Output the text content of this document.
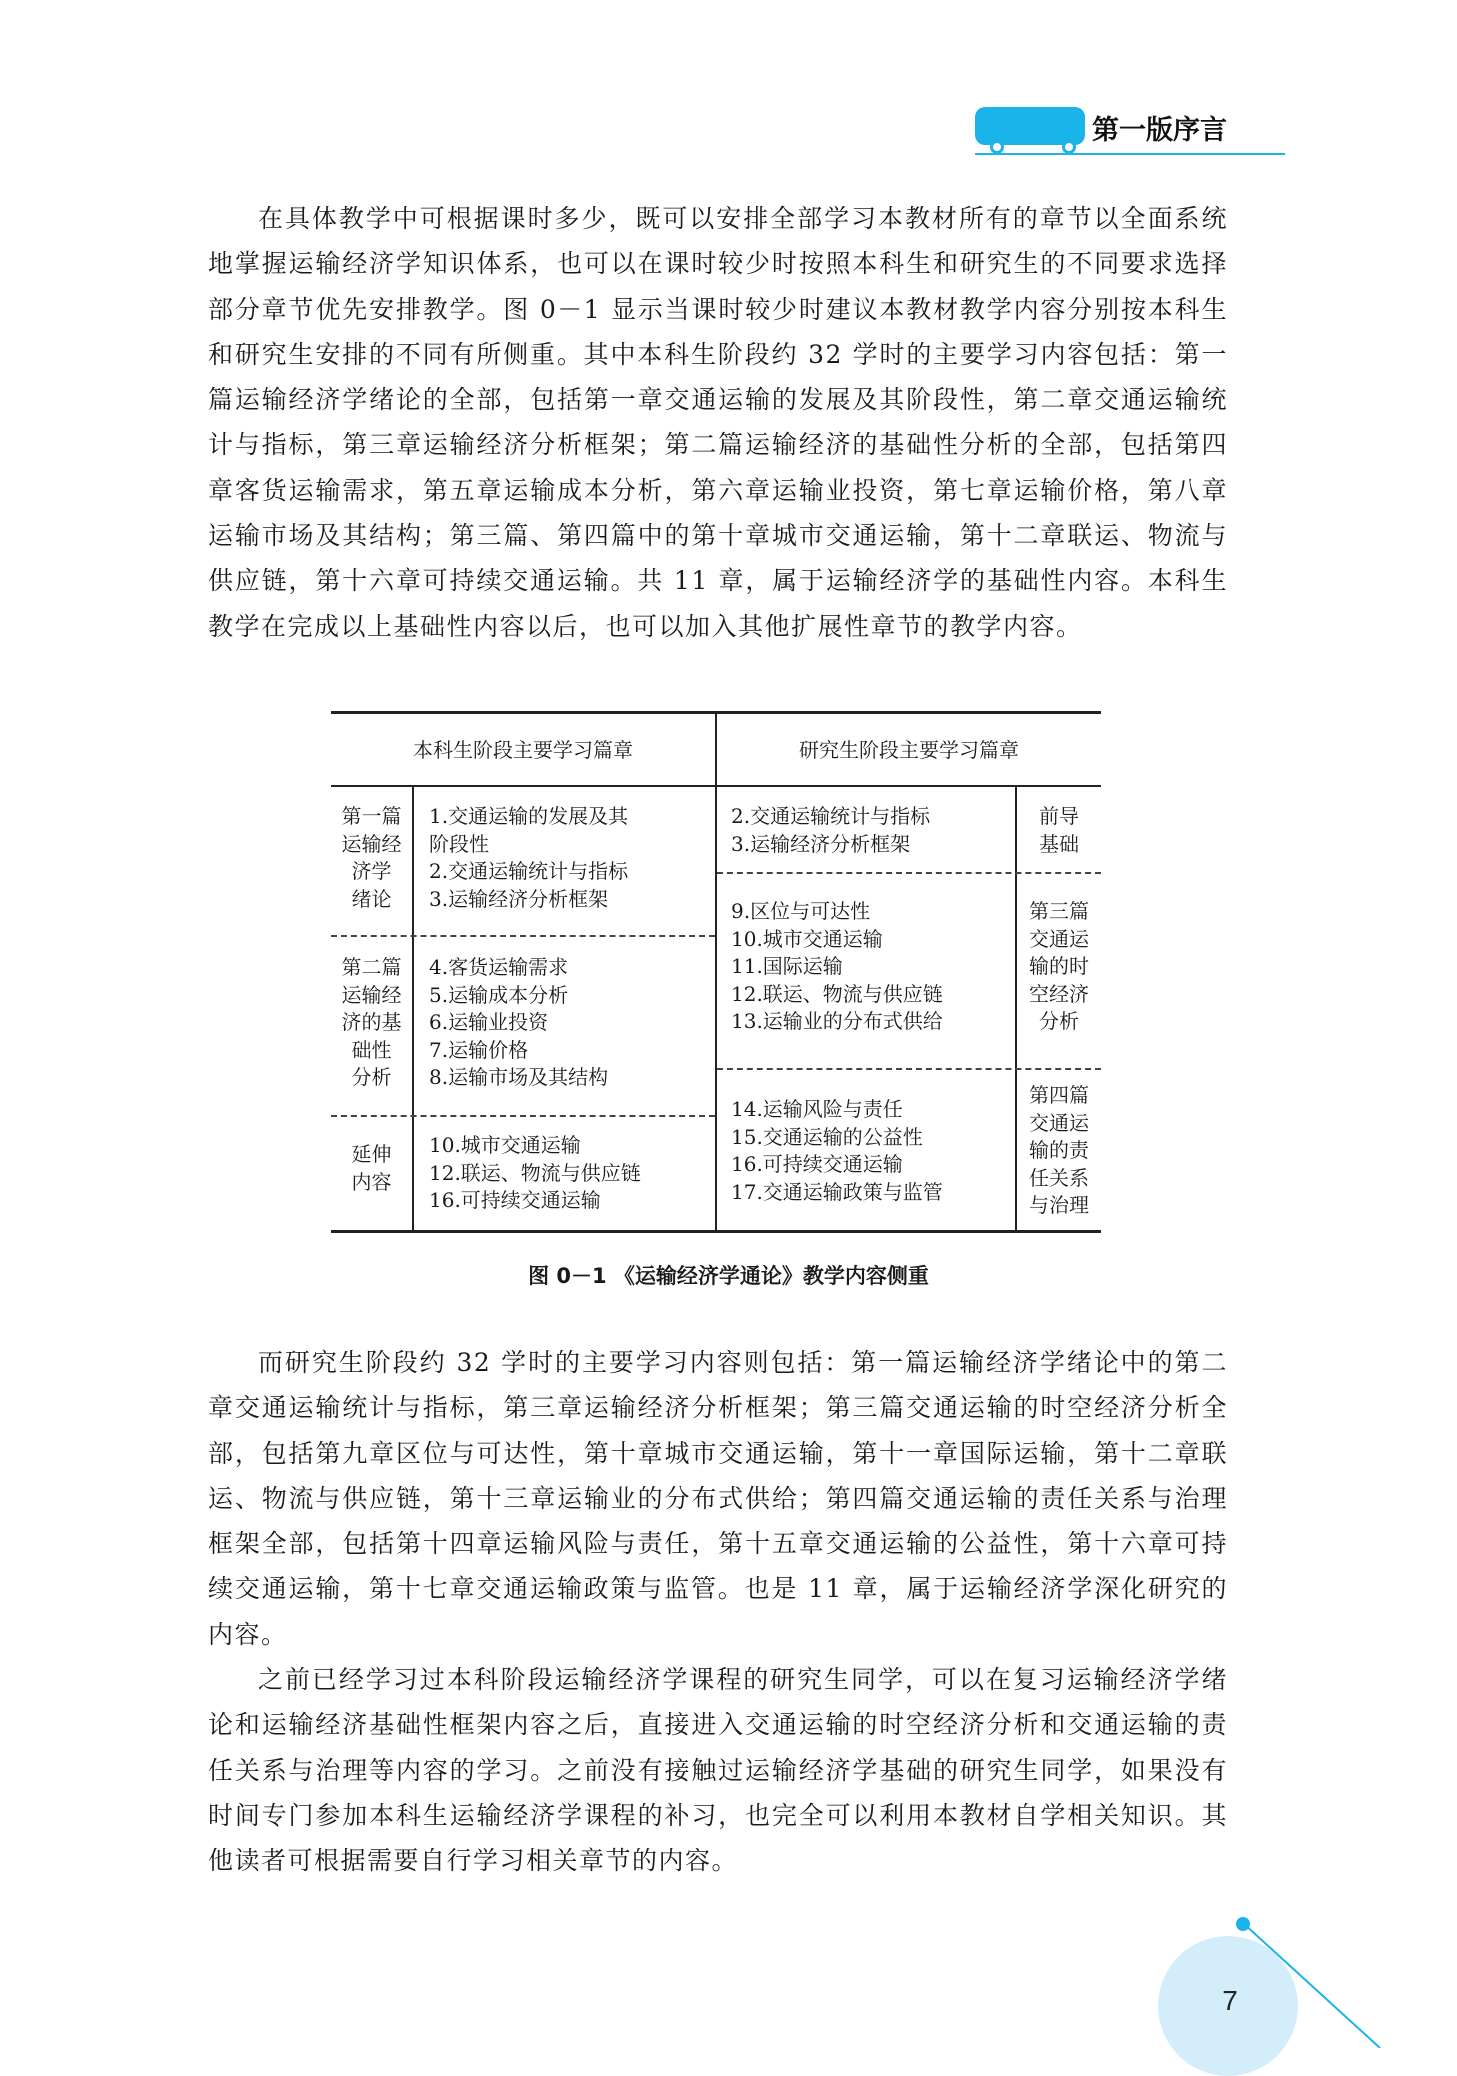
第一版序言

在具体教学中可根据课时多少，既可以安排全部学习本教材所有的章节以全面系统地掌握运输经济学知识体系，也可以在课时较少时按照本科生和研究生的不同要求选择部分章节优先安排教学。图 0－1 显示当课时较少时建议本教材教学内容分别按本科生和研究生安排的不同有所侧重。其中本科生阶段约 32 学时的主要学习内容包括：第一篇运输经济学绪论的全部，包括第一章交通运输的发展及其阶段性，第二章交通运输统计与指标，第三章运输经济分析框架；第二篇运输经济的基础性分析的全部，包括第四章客货运输需求，第五章运输成本分析，第六章运输业投资，第七章运输价格，第八章运输市场及其结构；第三篇、第四篇中的第十章城市交通运输，第十二章联运、物流与供应链，第十六章可持续交通运输。共 11 章，属于运输经济学的基础性内容。本科生教学在完成以上基础性内容以后，也可以加入其他扩展性章节的教学内容。

本科生阶段主要学习篇章	研究生阶段主要学习篇章
第一篇
运输经
济学
绪论
第二篇
运输经
济的基
础性
分析
延伸
内容
1.交通运输的发展及其
阶段性
2.交通运输统计与指标
3.运输经济分析框架
4.客货运输需求
5.运输成本分析
6.运输业投资
7.运输价格
8.运输市场及其结构
10.城市交通运输
12.联运、物流与供应链
16.可持续交通运输
2.交通运输统计与指标
3.运输经济分析框架
9.区位与可达性
10.城市交通运输
11.国际运输
12.联运、物流与供应链
13.运输业的分布式供给
14.运输风险与责任
15.交通运输的公益性
16.可持续交通运输
17.交通运输政策与监管
前导
基础
第三篇
交通运
输的时
空经济
分析
第四篇
交通运
输的责
任关系
与治理
图 0－1 《运输经济学通论》教学内容侧重

而研究生阶段约 32 学时的主要学习内容则包括：第一篇运输经济学绪论中的第二章交通运输统计与指标，第三章运输经济分析框架；第三篇交通运输的时空经济分析全部，包括第九章区位与可达性，第十章城市交通运输，第十一章国际运输，第十二章联运、物流与供应链，第十三章运输业的分布式供给；第四篇交通运输的责任关系与治理框架全部，包括第十四章运输风险与责任，第十五章交通运输的公益性，第十六章可持续交通运输，第十七章交通运输政策与监管。也是 11 章，属于运输经济学深化研究的内容。

之前已经学习过本科阶段运输经济学课程的研究生同学，可以在复习运输经济学绪论和运输经济基础性框架内容之后，直接进入交通运输的时空经济分析和交通运输的责任关系与治理等内容的学习。之前没有接触过运输经济学基础的研究生同学，如果没有时间专门参加本科生运输经济学课程的补习，也完全可以利用本教材自学相关知识。其他读者可根据需要自行学习相关章节的内容。

7
